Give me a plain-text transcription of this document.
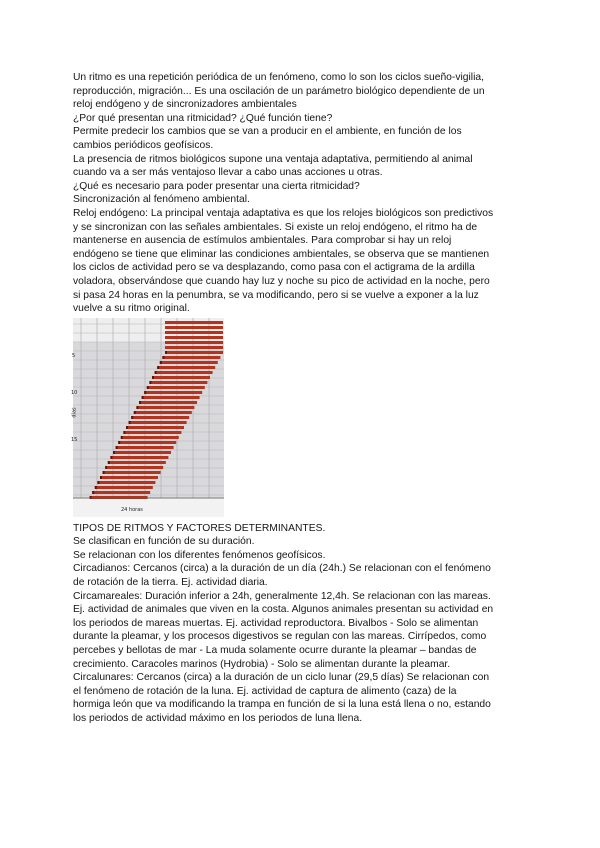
Un ritmo es una repetición periódica de un fenómeno, como lo son los ciclos sueño-vigilia,

reproducción, migración... Es una oscilación de un parámetro biológico dependiente de un

reloj endógeno y de sincronizadores ambientales

¿Por qué presentan una ritmicidad? ¿Qué función tiene?

Permite predecir los cambios que se van a producir en el ambiente, en función de los

cambios periódicos geofísicos.

La presencia de ritmos biológicos supone una ventaja adaptativa, permitiendo al animal

cuando va a ser más ventajoso llevar a cabo unas acciones u otras.

¿Qué es necesario para poder presentar una cierta ritmicidad?

Sincronización al fenómeno ambiental.

Reloj endógeno: La principal ventaja adaptativa es que los relojes biológicos son predictivos

y se sincronizan con las señales ambientales. Si existe un reloj endógeno, el ritmo ha de

mantenerse en ausencia de estímulos ambientales. Para comprobar si hay un reloj

endógeno se tiene que eliminar las condiciones ambientales, se observa que se mantienen

los ciclos de actividad pero se va desplazando, como pasa con el actigrama de la ardilla

voladora, observándose que cuando hay luz y noche su pico de actividad en la noche, pero

si pasa 24 horas en la penumbra, se va modificando, pero si se vuelve a exponer a la luz

vuelve a su ritmo original.

5
10
15
días
24 horas

TIPOS DE RITMOS Y FACTORES DETERMINANTES.

Se clasifican en función de su duración.

Se relacionan con los diferentes fenómenos geofísicos.

Circadianos: Cercanos (circa) a la duración de un día (24h.) Se relacionan con el fenómeno

de rotación de la tierra. Ej. actividad diaria.

Circamareales: Duración inferior a 24h, generalmente 12,4h. Se relacionan con las mareas.

Ej. actividad de animales que viven en la costa. Algunos animales presentan su actividad en

los periodos de mareas muertas. Ej. actividad reproductora. Bivalbos - Solo se alimentan

durante la pleamar, y los procesos digestivos se regulan con las mareas. Cirrípedos, como

percebes y bellotas de mar - La muda solamente ocurre durante la pleamar – bandas de

crecimiento. Caracoles marinos (Hydrobia) - Solo se alimentan durante la pleamar.

Circalunares: Cercanos (circa) a la duración de un ciclo lunar (29,5 días) Se relacionan con

el fenómeno de rotación de la luna. Ej. actividad de captura de alimento (caza) de la

hormiga león que va modificando la trampa en función de si la luna está llena o no, estando

los periodos de actividad máximo en los periodos de luna llena.
